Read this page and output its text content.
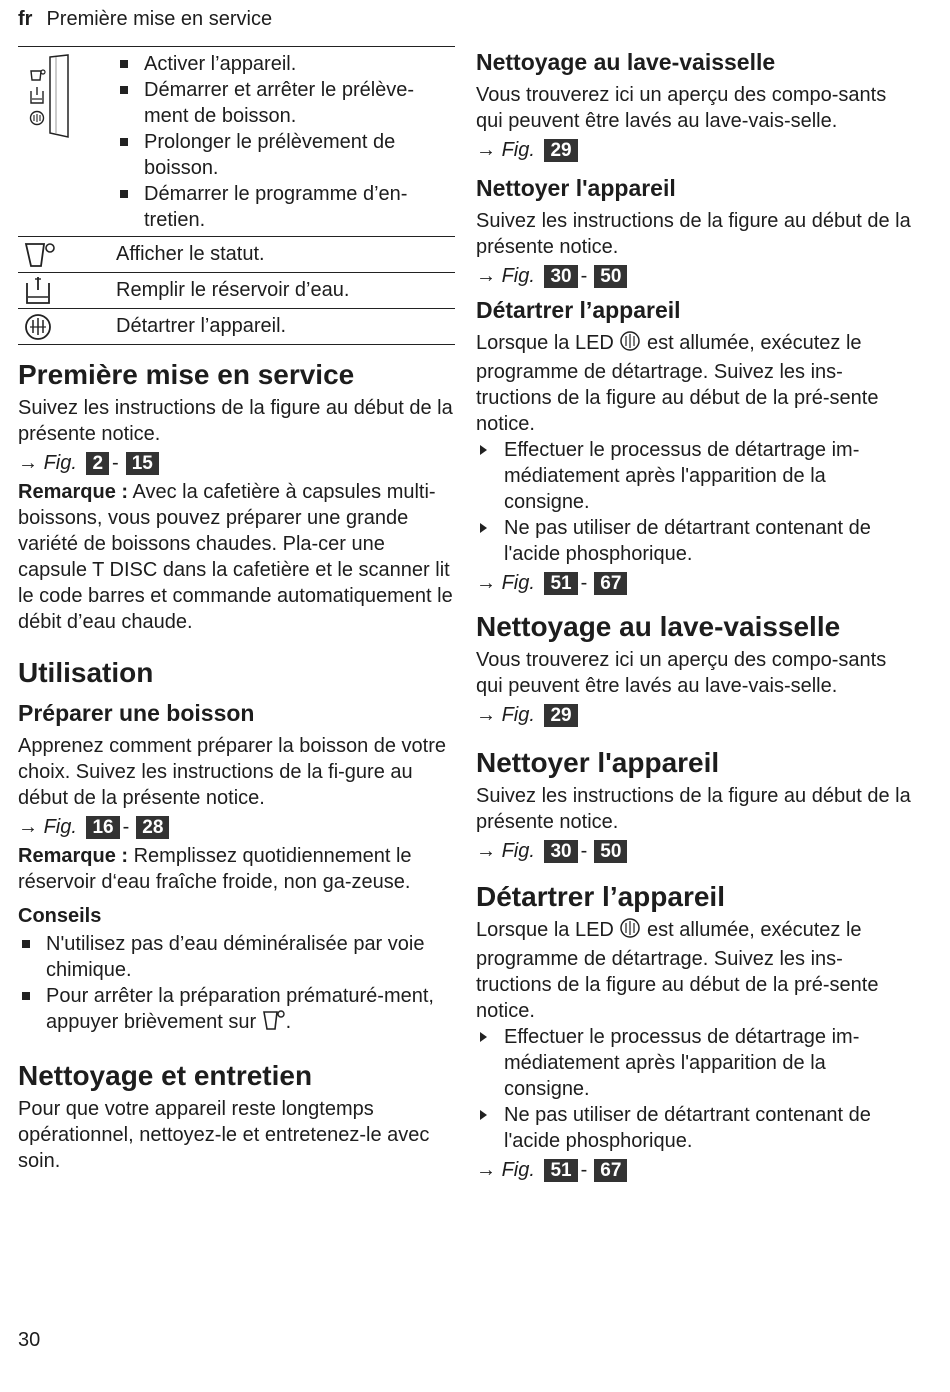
fr Première mise en service
Activer l’appareil.
Démarrer et arrêter le prélève-ment de boisson.
Prolonger le prélèvement de boisson.
Démarrer le programme d’en-tretien.
Afficher le statut.
Remplir le réservoir d’eau.
Détartrer l’appareil.
Première mise en service

Suivez les instructions de la figure au début de la présente notice.

→ Fig. 2 - 15

Remarque : Avec la cafetière à capsules multi-boissons, vous pouvez préparer une grande variété de boissons chaudes. Pla-cer une capsule T DISC dans la cafetière et le scanner lit le code barres et commande automatiquement le débit d’eau chaude.

Utilisation
Préparer une boisson

Apprenez comment préparer la boisson de votre choix. Suivez les instructions de la fi-gure au début de la présente notice.

→ Fig. 16 - 28

Remarque : Remplissez quotidiennement le réservoir d‘eau fraîche froide, non ga-zeuse.

Conseils
N'utilisez pas d’eau déminéralisée par voie chimique.
Pour arrêter la préparation prématuré-ment, appuyer brièvement sur .
Nettoyage et entretien

Pour que votre appareil reste longtemps opérationnel, nettoyez-le et entretenez-le avec soin.

Nettoyage au lave-vaisselle

Vous trouverez ici un aperçu des compo-sants qui peuvent être lavés au lave-vais-selle.

→ Fig. 29
Nettoyer l'appareil

Suivez les instructions de la figure au début de la présente notice.

→ Fig. 30 - 50
Détartrer l’appareil

Lorsque la LED  est allumée, exécutez le programme de détartrage. Suivez les ins-tructions de la figure au début de la pré-sente notice.

Effectuer le processus de détartrage im-médiatement après l'apparition de la consigne.
Ne pas utiliser de détartrant contenant de l'acide phosphorique.
→ Fig. 51 - 67
Nettoyage au lave-vaisselle

Vous trouverez ici un aperçu des compo-sants qui peuvent être lavés au lave-vais-selle.

→ Fig. 29
Nettoyer l'appareil

Suivez les instructions de la figure au début de la présente notice.

→ Fig. 30 - 50
Détartrer l’appareil

Lorsque la LED  est allumée, exécutez le programme de détartrage. Suivez les ins-tructions de la figure au début de la pré-sente notice.

Effectuer le processus de détartrage im-médiatement après l'apparition de la consigne.
Ne pas utiliser de détartrant contenant de l'acide phosphorique.
→ Fig. 51 - 67
30
